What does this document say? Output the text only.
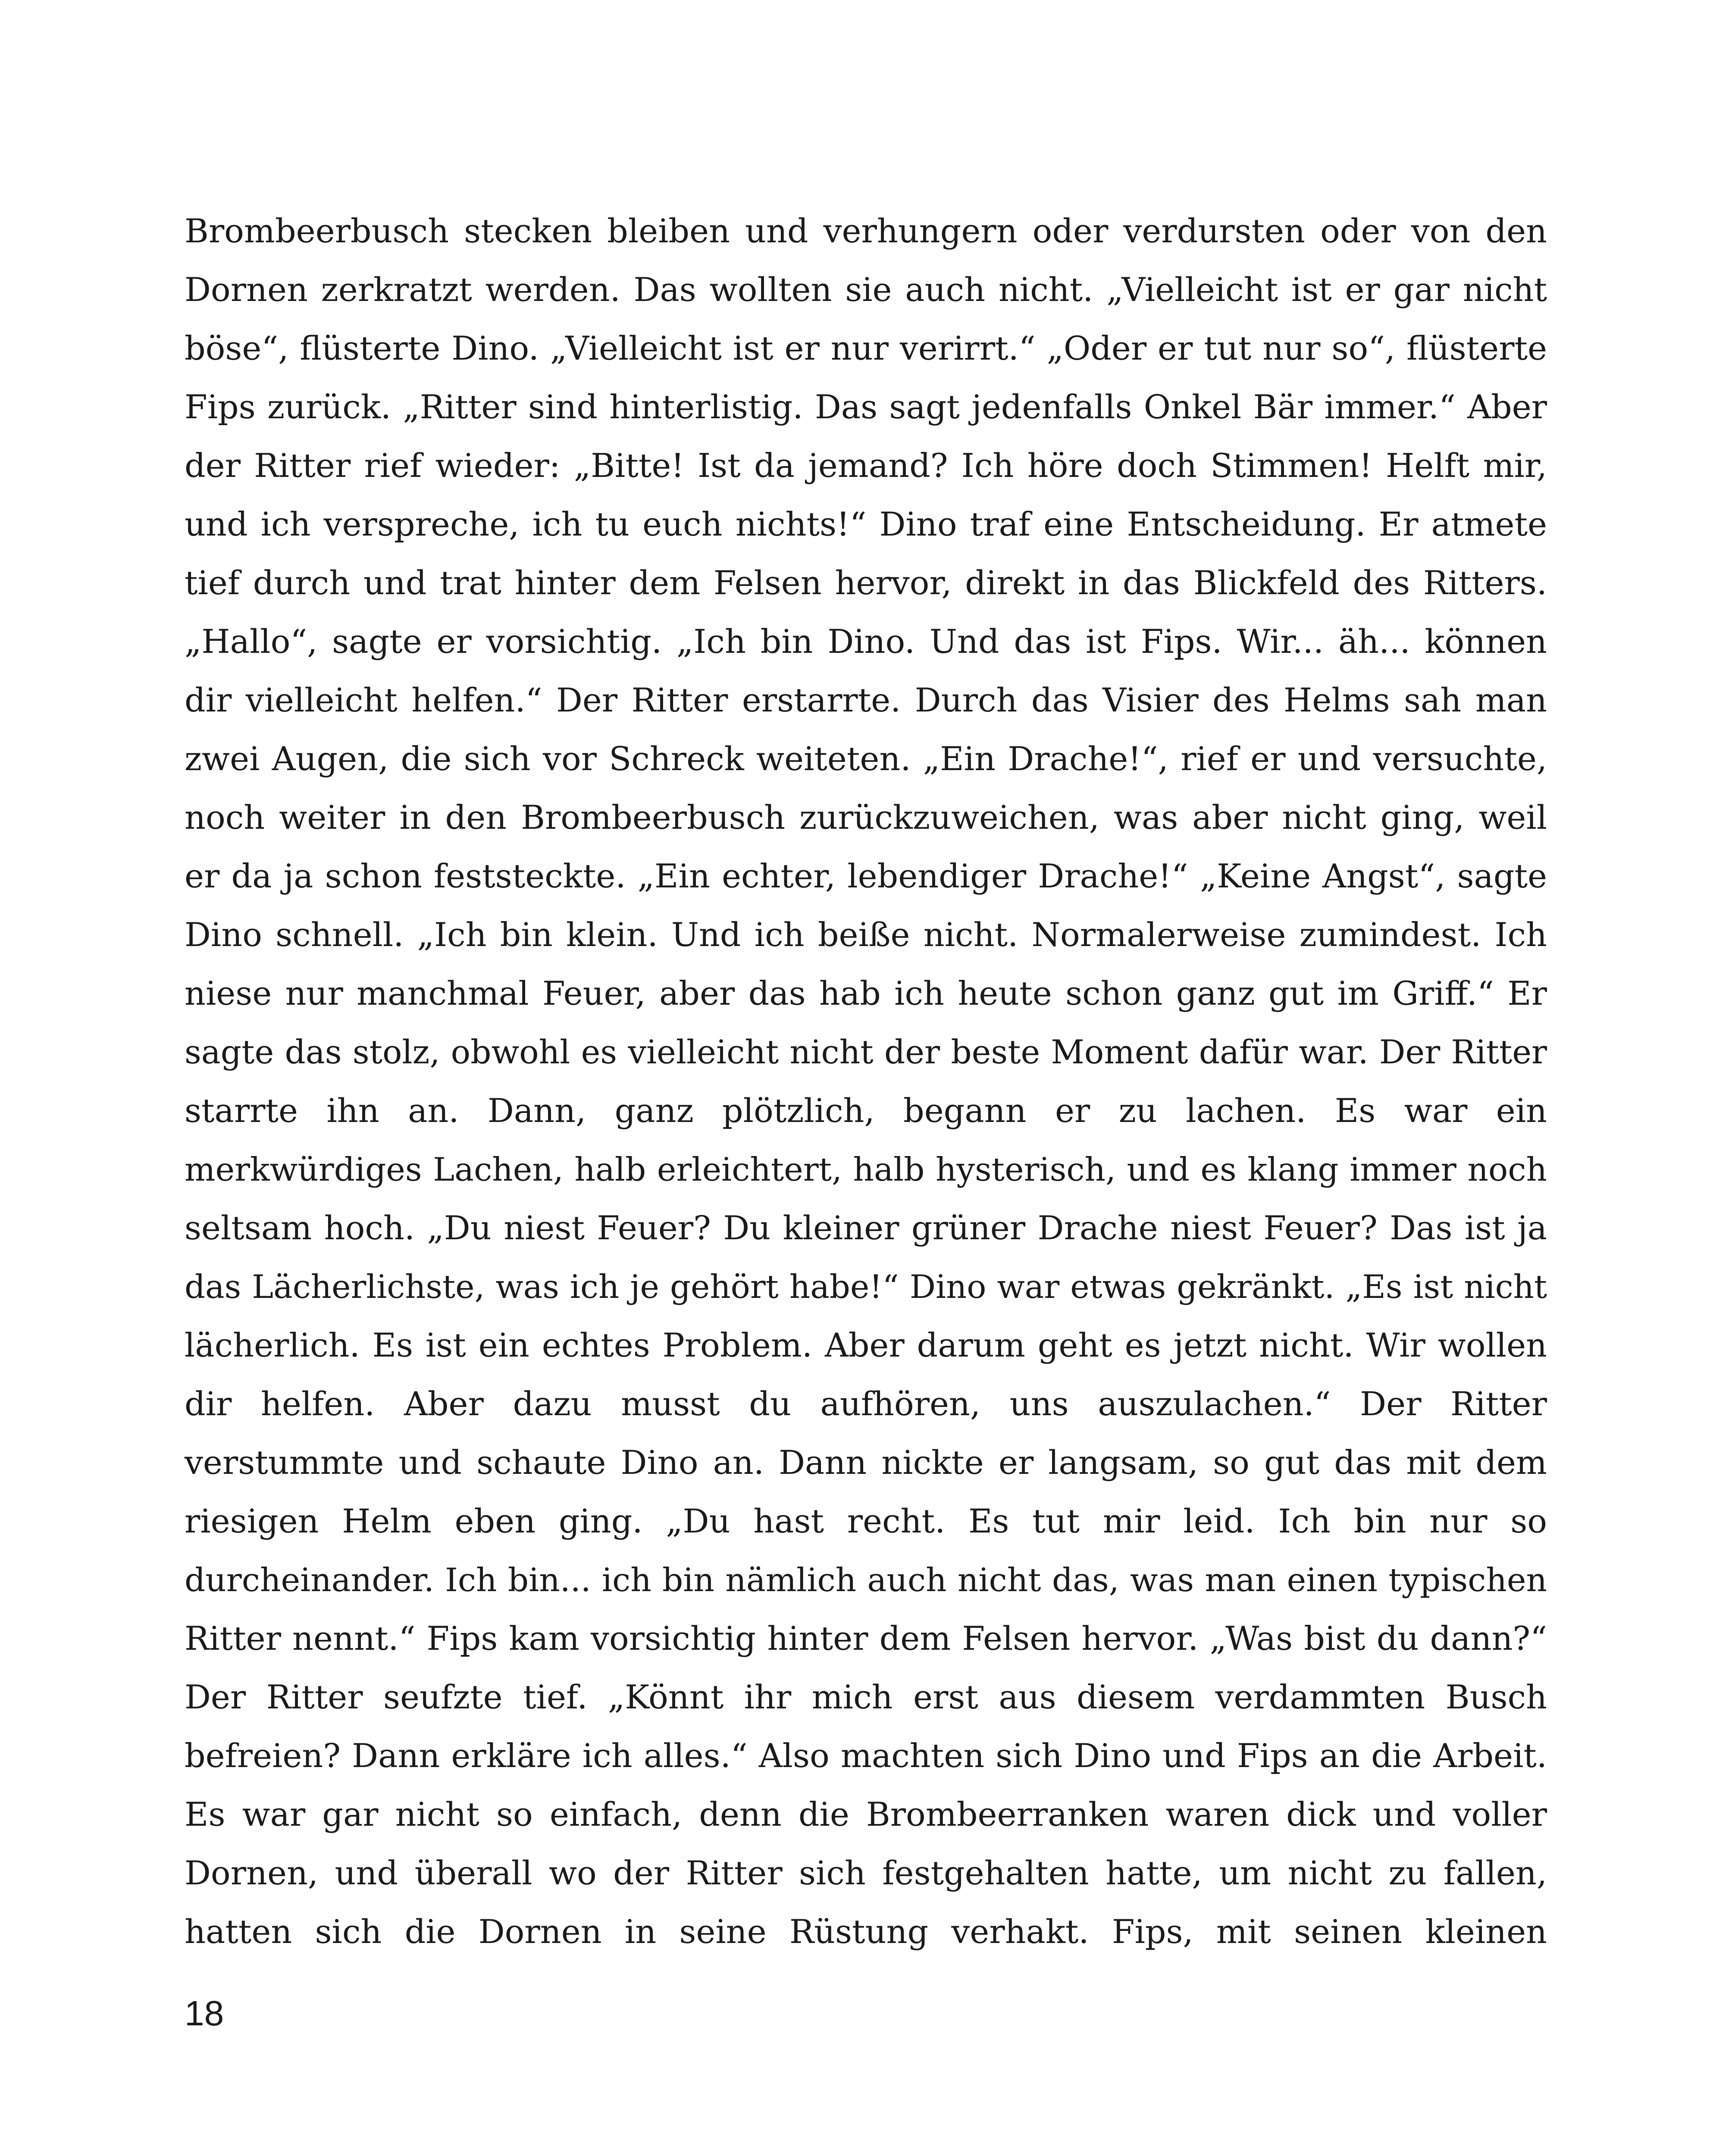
Brombeerbusch stecken bleiben und verhungern oder verdursten oder von den
Dornen zerkratzt werden. Das wollten sie auch nicht. „Vielleicht ist er gar nicht
böse“, flüsterte Dino. „Vielleicht ist er nur verirrt.“ „Oder er tut nur so“, flüsterte
Fips zurück. „Ritter sind hinterlistig. Das sagt jedenfalls Onkel Bär immer.“ Aber
der Ritter rief wieder: „Bitte! Ist da jemand? Ich höre doch Stimmen! Helft mir,
und ich verspreche, ich tu euch nichts!“ Dino traf eine Entscheidung. Er atmete
tief durch und trat hinter dem Felsen hervor, direkt in das Blickfeld des Ritters.
„Hallo“, sagte er vorsichtig. „Ich bin Dino. Und das ist Fips. Wir... äh... können
dir vielleicht helfen.“ Der Ritter erstarrte. Durch das Visier des Helms sah man
zwei Augen, die sich vor Schreck weiteten. „Ein Drache!“, rief er und versuchte,
noch weiter in den Brombeerbusch zurückzuweichen, was aber nicht ging, weil
er da ja schon feststeckte. „Ein echter, lebendiger Drache!“ „Keine Angst“, sagte
Dino schnell. „Ich bin klein. Und ich beiße nicht. Normalerweise zumindest. Ich
niese nur manchmal Feuer, aber das hab ich heute schon ganz gut im Griff.“ Er
sagte das stolz, obwohl es vielleicht nicht der beste Moment dafür war. Der Ritter
starrte ihn an. Dann, ganz plötzlich, begann er zu lachen. Es war ein
merkwürdiges Lachen, halb erleichtert, halb hysterisch, und es klang immer noch
seltsam hoch. „Du niest Feuer? Du kleiner grüner Drache niest Feuer? Das ist ja
das Lächerlichste, was ich je gehört habe!“ Dino war etwas gekränkt. „Es ist nicht
lächerlich. Es ist ein echtes Problem. Aber darum geht es jetzt nicht. Wir wollen
dir helfen. Aber dazu musst du aufhören, uns auszulachen.“ Der Ritter
verstummte und schaute Dino an. Dann nickte er langsam, so gut das mit dem
riesigen Helm eben ging. „Du hast recht. Es tut mir leid. Ich bin nur so
durcheinander. Ich bin... ich bin nämlich auch nicht das, was man einen typischen
Ritter nennt.“ Fips kam vorsichtig hinter dem Felsen hervor. „Was bist du dann?“
Der Ritter seufzte tief. „Könnt ihr mich erst aus diesem verdammten Busch
befreien? Dann erkläre ich alles.“ Also machten sich Dino und Fips an die Arbeit.
Es war gar nicht so einfach, denn die Brombeerranken waren dick und voller
Dornen, und überall wo der Ritter sich festgehalten hatte, um nicht zu fallen,
hatten sich die Dornen in seine Rüstung verhakt. Fips, mit seinen kleinen
18
